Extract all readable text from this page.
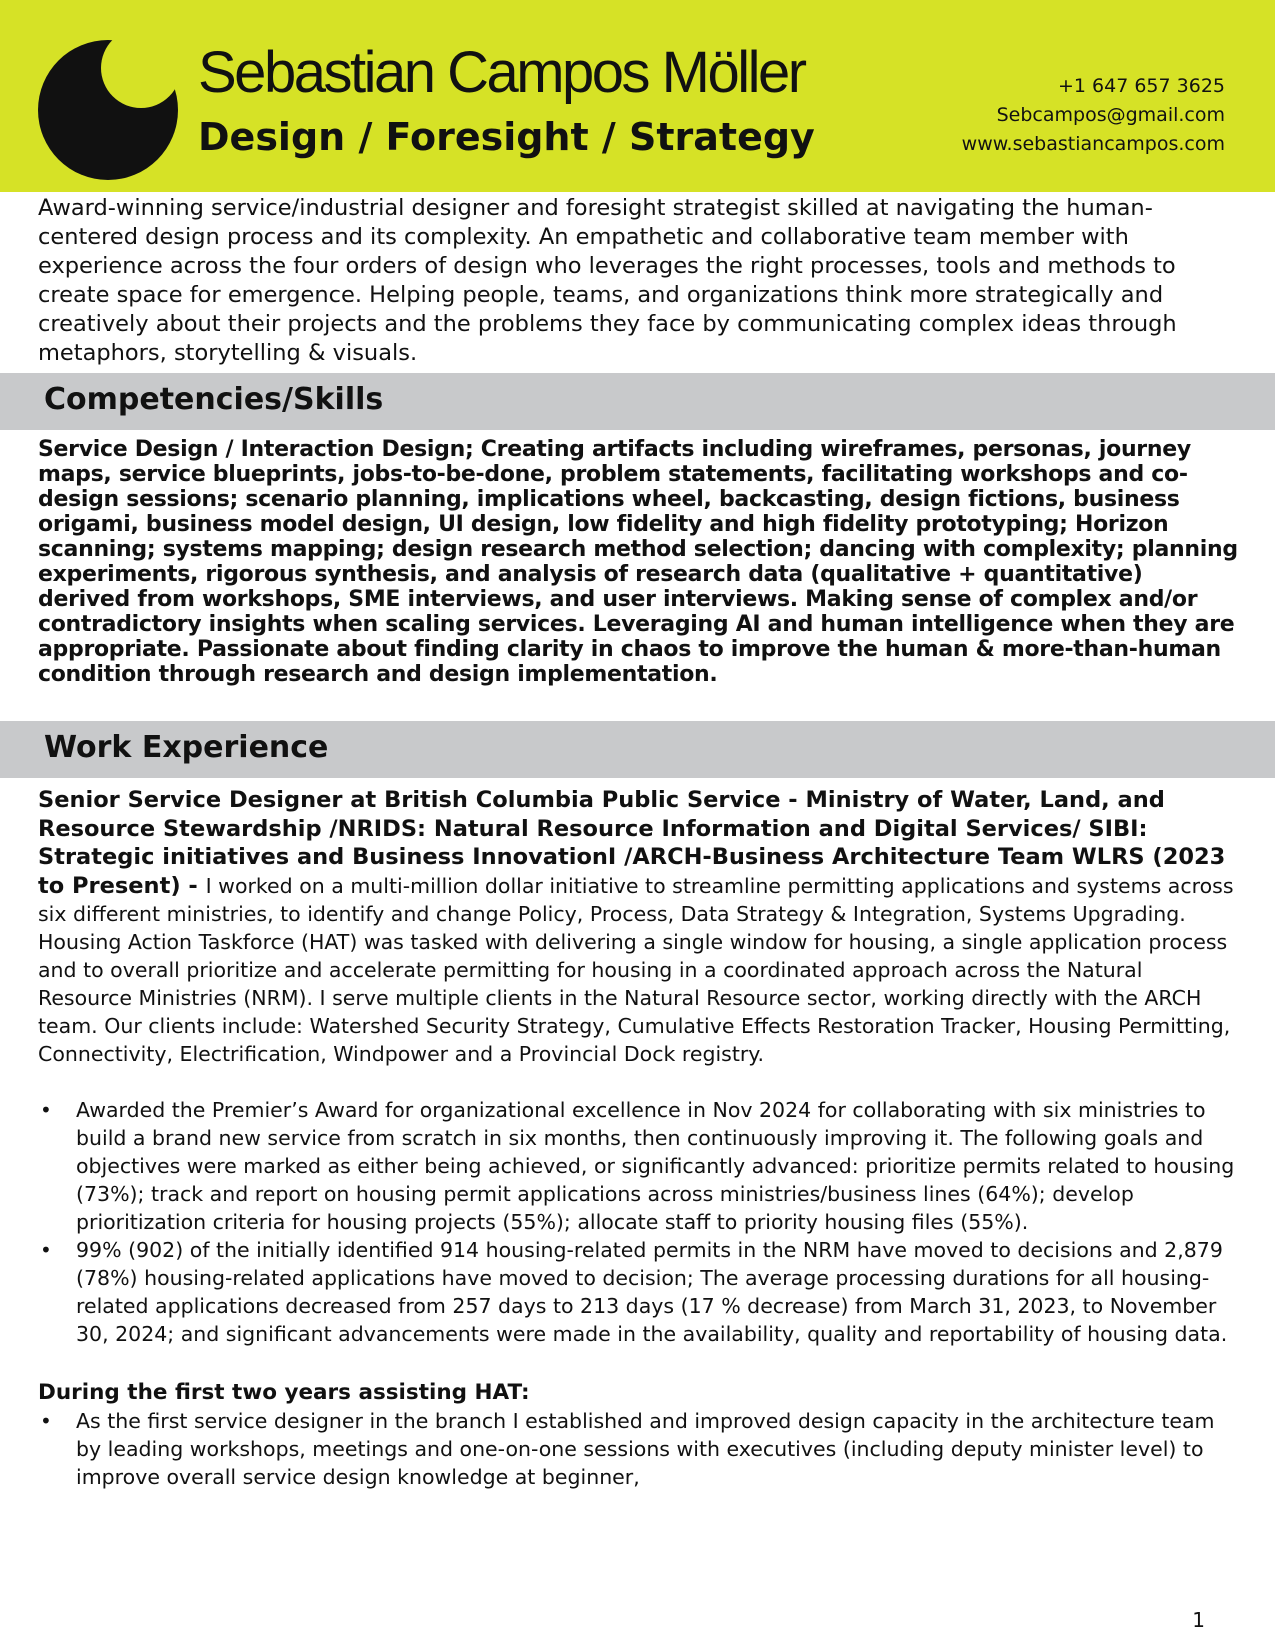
Sebastian Campos Möller
Design / Foresight / Strategy
+1 647 657 3625
Sebcampos@gmail.com
www.sebastiancampos.com
Award-winning service/industrial designer and foresight strategist skilled at navigating the human-centered design process and its complexity. An empathetic and collaborative team member with experience across the four orders of design who leverages the right processes, tools and methods to create space for emergence. Helping people, teams, and organizations think more strategically and creatively about their projects and the problems they face by communicating complex ideas through metaphors, storytelling & visuals.
Competencies/Skills
Service Design / Interaction Design; Creating artifacts including wireframes, personas, journey maps, service blueprints, jobs-to-be-done, problem statements, facilitating workshops and co-design sessions; scenario planning, implications wheel, backcasting, design fictions, business origami, business model design, UI design, low fidelity and high fidelity prototyping; Horizon scanning; systems mapping; design research method selection; dancing with complexity; planning experiments, rigorous synthesis, and analysis of research data (qualitative + quantitative) derived from workshops, SME interviews, and user interviews. Making sense of complex and/or contradictory insights when scaling services. Leveraging AI and human intelligence when they are appropriate. Passionate about finding clarity in chaos to improve the human & more-than-human condition through research and design implementation.
Work Experience
Senior Service Designer at British Columbia Public Service - Ministry of Water, Land, and Resource Stewardship /NRIDS: Natural Resource Information and Digital Services/ SIBI: Strategic initiatives and Business InnovationI /ARCH-Business Architecture Team WLRS (2023 to Present) - I worked on a multi-million dollar initiative to streamline permitting applications and systems across six different ministries, to identify and change Policy, Process, Data Strategy & Integration, Systems Upgrading. Housing Action Taskforce (HAT) was tasked with delivering a single window for housing, a single application process and to overall prioritize and accelerate permitting for housing in a coordinated approach across the Natural Resource Ministries (NRM). I serve multiple clients in the Natural Resource sector, working directly with the ARCH team. Our clients include: Watershed Security Strategy, Cumulative Effects Restoration Tracker, Housing Permitting, Connectivity, Electrification, Windpower and a Provincial Dock registry.
• Awarded the Premier’s Award for organizational excellence in Nov 2024 for collaborating with six ministries to build a brand new service from scratch in six months, then continuously improving it. The following goals and objectives were marked as either being achieved, or significantly advanced: prioritize permits related to housing (73%); track and report on housing permit applications across ministries/business lines (64%); develop prioritization criteria for housing projects (55%); allocate staff to priority housing files (55%).
• 99% (902) of the initially identified 914 housing-related permits in the NRM have moved to decisions and 2,879 (78%) housing-related applications have moved to decision; The average processing durations for all housing- related applications decreased from 257 days to 213 days (17 % decrease) from March 31, 2023, to November 30, 2024; and significant advancements were made in the availability, quality and reportability of housing data.
During the first two years assisting HAT:
• As the first service designer in the branch I established and improved design capacity in the architecture team by leading workshops, meetings and one-on-one sessions with executives (including deputy minister level) to improve overall service design knowledge at beginner,
1
